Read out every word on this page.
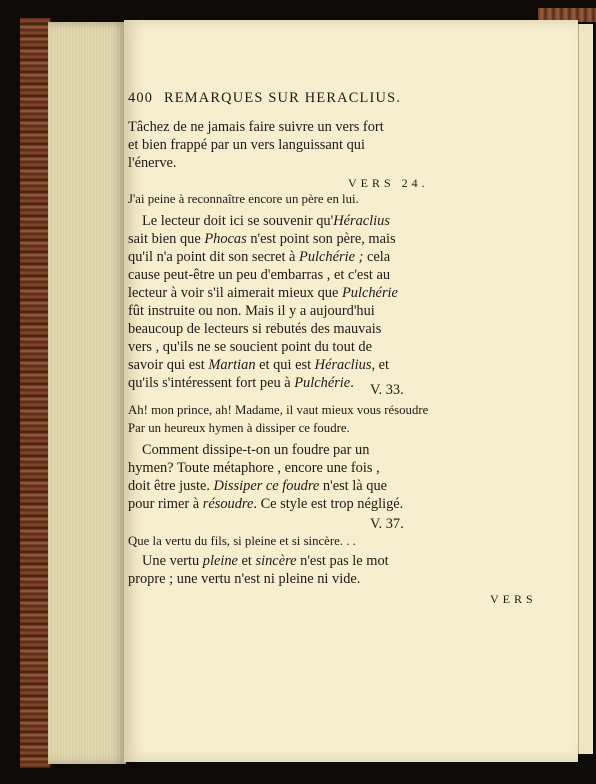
400 REMARQUES SUR HERACLIUS.
Tâchez de ne jamais faire suivre un vers fort
et bien frappé par un vers languissant qui
l'énerve.
VERS 24.
J'ai peine à reconnaître encore un père en lui.
Le lecteur doit ici se souvenir qu'Héraclius
sait bien que Phocas n'est point son père, mais
qu'il n'a point dit son secret à Pulchérie ; cela
cause peut-être un peu d'embarras , et c'est au
lecteur à voir s'il aimerait mieux que Pulchérie
fût instruite ou non. Mais il y a aujourd'hui
beaucoup de lecteurs si rebutés des mauvais
vers , qu'ils ne se soucient point du tout de
savoir qui est Martian et qui est Héraclius, et
qu'ils s'intéressent fort peu à Pulchérie.	V. 33.
Ah! mon prince, ah! Madame, il vaut mieux vous résoudre
Par un heureux hymen à dissiper ce foudre.
Comment dissipe-t-on un foudre par un
hymen? Toute métaphore , encore une fois ,
doit être juste. Dissiper ce foudre n'est là que
pour rimer à résoudre. Ce style est trop négligé.
V. 37.
Que la vertu du fils, si pleine et si sincère. . .
Une vertu pleine et sincère n'est pas le mot
propre ; une vertu n'est ni pleine ni vide.
VERS
